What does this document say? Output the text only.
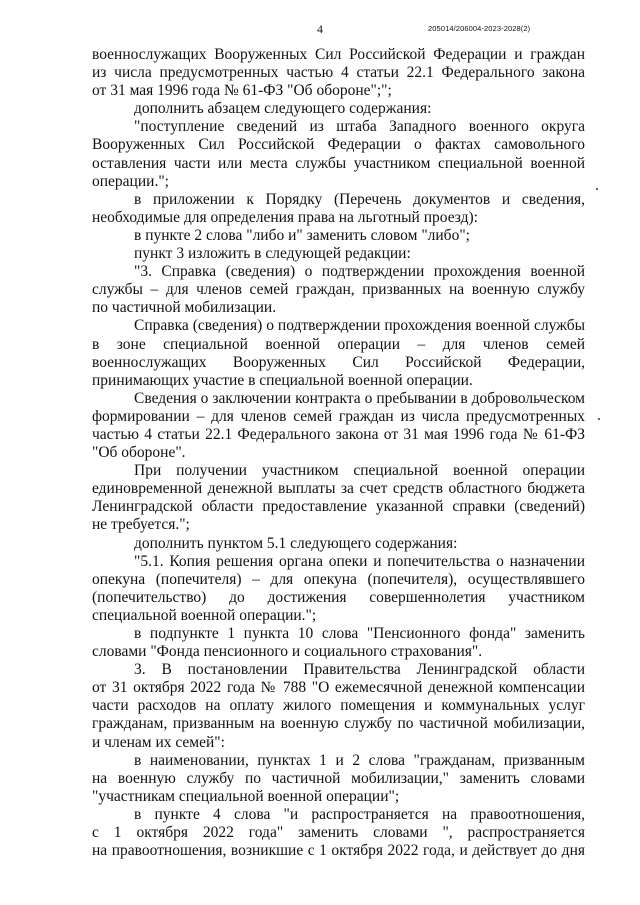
4	205014/206004-2023-2028(2)
военнослужащих Вооруженных Сил Российской Федерации и граждан
из числа предусмотренных частью 4 статьи 22.1 Федерального закона
от 31 мая 1996 года № 61-ФЗ "Об обороне";";
дополнить абзацем следующего содержания:
"поступление сведений из штаба Западного военного округа
Вооруженных Сил Российской Федерации о фактах самовольного
оставления части или места службы участником специальной военной
операции.";
в приложении к Порядку (Перечень документов и сведения,
необходимые для определения права на льготный проезд):
в пункте 2 слова "либо и" заменить словом "либо";
пункт 3 изложить в следующей редакции:
"3. Справка (сведения) о подтверждении прохождения военной
службы – для членов семей граждан, призванных на военную службу
по частичной мобилизации.
Справка (сведения) о подтверждении прохождения военной службы
в зоне специальной военной операции – для членов семей
военнослужащих Вооруженных Сил Российской Федерации,
принимающих участие в специальной военной операции.
Сведения о заключении контракта о пребывании в добровольческом
формировании – для членов семей граждан из числа предусмотренных
частью 4 статьи 22.1 Федерального закона от 31 мая 1996 года № 61-ФЗ
"Об обороне".
При получении участником специальной военной операции
единовременной денежной выплаты за счет средств областного бюджета
Ленинградской области предоставление указанной справки (сведений)
не требуется.";
дополнить пунктом 5.1 следующего содержания:
"5.1. Копия решения органа опеки и попечительства о назначении
опекуна (попечителя) – для опекуна (попечителя), осуществлявшего
(попечительство) до достижения совершеннолетия участником
специальной военной операции.";
в подпункте 1 пункта 10 слова "Пенсионного фонда" заменить
словами "Фонда пенсионного и социального страхования".
3. В постановлении Правительства Ленинградской области
от 31 октября 2022 года № 788 "О ежемесячной денежной компенсации
части расходов на оплату жилого помещения и коммунальных услуг
гражданам, призванным на военную службу по частичной мобилизации,
и членам их семей":
в наименовании, пунктах 1 и 2 слова "гражданам, призванным
на военную службу по частичной мобилизации," заменить словами
"участникам специальной военной операции";
в пункте 4 слова "и распространяется на правоотношения,
с 1 октября 2022 года" заменить словами ", распространяется
на правоотношения, возникшие с 1 октября 2022 года, и действует до дня
